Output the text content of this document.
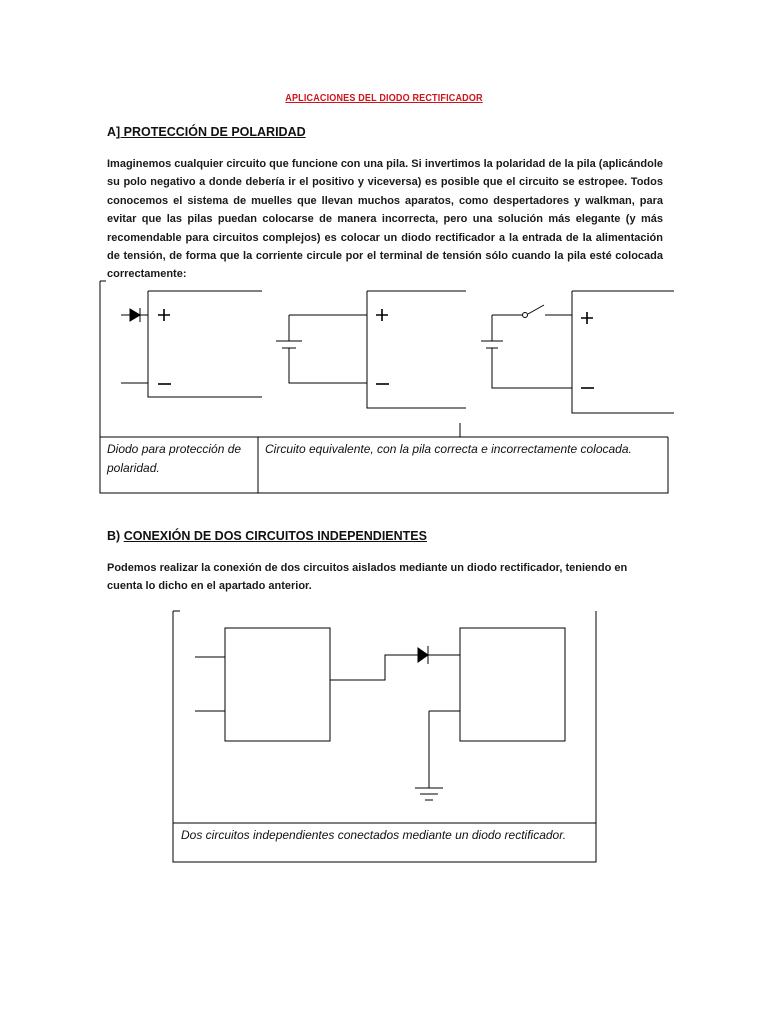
APLICACIONES DEL DIODO RECTIFICADOR
A] PROTECCIÓN DE POLARIDAD
Imaginemos cualquier circuito que funcione con una pila. Si invertimos la polaridad de la pila (aplicándole su polo negativo a donde debería ir el positivo y viceversa) es posible que el circuito se estropee. Todos conocemos el sistema de muelles que llevan muchos aparatos, como despertadores y walkman, para evitar que las pilas puedan colocarse de manera incorrecta, pero una solución más elegante (y más recomendable para circuitos complejos) es colocar un diodo rectificador a la entrada de la alimentación de tensión, de forma que la corriente circule por el terminal de tensión sólo cuando la pila esté colocada correctamente:
Diodo para protección de polaridad.
Circuito equivalente, con la pila correcta e incorrectamente colocada.
B) CONEXIÓN DE DOS CIRCUITOS INDEPENDIENTES
Podemos realizar la conexión de dos circuitos aislados mediante un diodo rectificador, teniendo en cuenta lo dicho en el apartado anterior.
Dos circuitos independientes conectados mediante un diodo rectificador.
